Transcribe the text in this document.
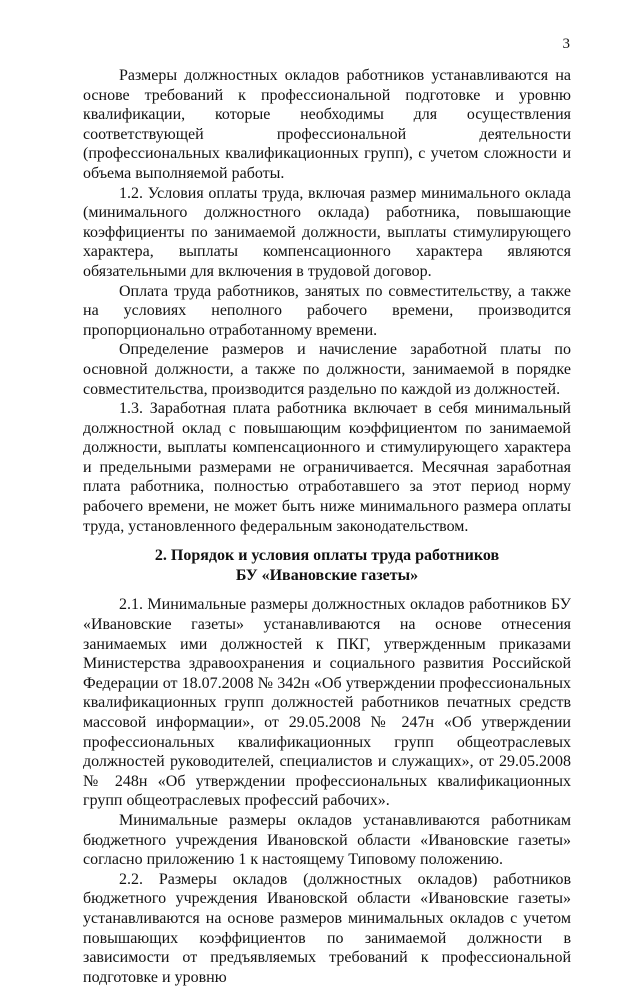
3

Размеры должностных окладов работников устанавливаются на основе требований к профессиональной подготовке и уровню квалификации, которые необходимы для осуществления соответствующей профессиональной деятельности (профессиональных квалификационных групп), с учетом сложности и объема выполняемой работы.

1.2. Условия оплаты труда, включая размер минимального оклада (минимального должностного оклада) работника, повышающие коэффициенты по занимаемой должности, выплаты стимулирующего характера, выплаты компенсационного характера являются обязательными для включения в трудовой договор.

Оплата труда работников, занятых по совместительству, а также на условиях неполного рабочего времени, производится пропорционально отработанному времени.

Определение размеров и начисление заработной платы по основной должности, а также по должности, занимаемой в порядке совместительства, производится раздельно по каждой из должностей.

1.3. Заработная плата работника включает в себя минимальный должностной оклад с повышающим коэффициентом по занимаемой должности, выплаты компенсационного и стимулирующего характера и предельными размерами не ограничивается. Месячная заработная плата работника, полностью отработавшего за этот период норму рабочего времени, не может быть ниже минимального размера оплаты труда, установленного федеральным законодательством.

2. Порядок и условия оплаты труда работников
БУ «Ивановские газеты»

2.1. Минимальные размеры должностных окладов работников БУ «Ивановские газеты» устанавливаются на основе отнесения занимаемых ими должностей к ПКГ, утвержденным приказами Министерства здравоохранения и социального развития Российской Федерации от 18.07.2008 № 342н «Об утверждении профессиональных квалификационных групп должностей работников печатных средств массовой информации», от 29.05.2008 № 247н «Об утверждении профессиональных квалификационных групп общеотраслевых должностей руководителей, специалистов и служащих», от 29.05.2008 № 248н «Об утверждении профессиональных квалификационных групп общеотраслевых профессий рабочих».

Минимальные размеры окладов устанавливаются работникам бюджетного учреждения Ивановской области «Ивановские газеты» согласно приложению 1 к настоящему Типовому положению.

2.2. Размеры окладов (должностных окладов) работников бюджетного учреждения Ивановской области «Ивановские газеты» устанавливаются на основе размеров минимальных окладов с учетом повышающих коэффициентов по занимаемой должности в зависимости от предъявляемых требований к профессиональной подготовке и уровню
